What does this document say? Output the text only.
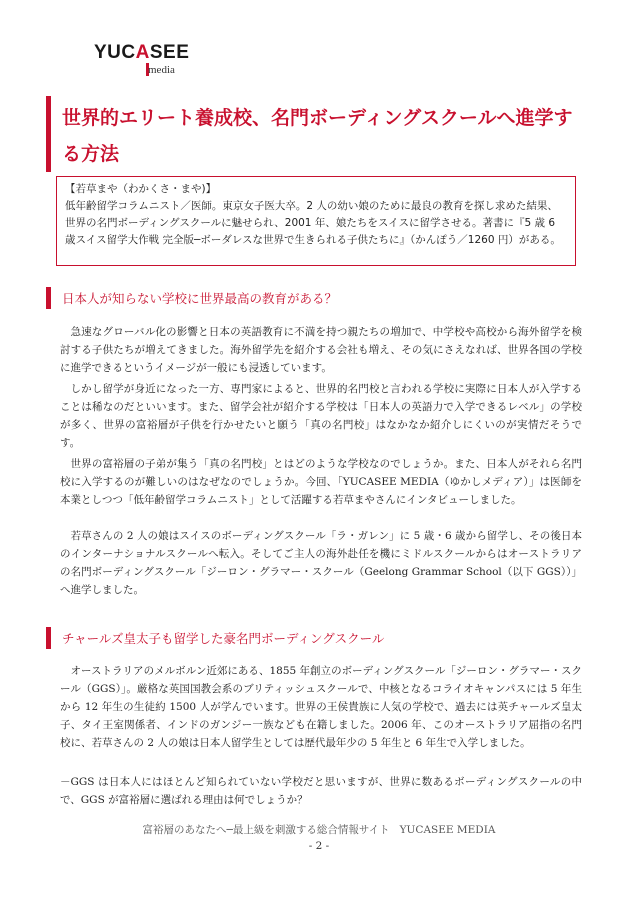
YUCASEE
media
世界的エリート養成校、名門ボーディングスクールへ進学する方法
【若草まや（わかくさ・まや)】
低年齢留学コラムニスト／医師。東京女子医大卒。2 人の幼い娘のために最良の教育を探し求めた結果、世界の名門ボーディングスクールに魅せられ、2001 年、娘たちをスイスに留学させる。著書に『5 歳 6 歳スイス留学大作戦 完全版─ボーダレスな世界で生きられる子供たちに』（かんぽう／1260 円）がある。
日本人が知らない学校に世界最高の教育がある？
急速なグローバル化の影響と日本の英語教育に不満を持つ親たちの増加で、中学校や高校から海外留学を検討する子供たちが増えてきました。海外留学先を紹介する会社も増え、その気にさえなれば、世界各国の学校に進学できるというイメージが一般にも浸透しています。
しかし留学が身近になった一方、専門家によると、世界的名門校と言われる学校に実際に日本人が入学することは稀なのだといいます。また、留学会社が紹介する学校は「日本人の英語力で入学できるレベル」の学校が多く、世界の富裕層が子供を行かせたいと願う「真の名門校」はなかなか紹介しにくいのが実情だそうです。
世界の富裕層の子弟が集う「真の名門校」とはどのような学校なのでしょうか。また、日本人がそれら名門校に入学するのが難しいのはなぜなのでしょうか。今回、「YUCASEE MEDIA（ゆかしメディア）」は医師を本業としつつ「低年齢留学コラムニスト」として活躍する若草まやさんにインタビューしました。
若草さんの 2 人の娘はスイスのボーディングスクール「ラ・ガレン」に 5 歳・6 歳から留学し、その後日本のインターナショナルスクールへ転入。そしてご主人の海外赴任を機にミドルスクールからはオーストラリアの名門ボーディングスクール「ジーロン・グラマー・スクール（Geelong Grammar School（以下 GGS））」へ進学しました。
チャールズ皇太子も留学した豪名門ボーディングスクール
オーストラリアのメルボルン近郊にある、1855 年創立のボーディングスクール「ジーロン・グラマー・スクール（GGS）」。厳格な英国国教会系のブリティッシュスクールで、中核となるコライオキャンパスには 5 年生から 12 年生の生徒約 1500 人が学んでいます。世界の王侯貴族に人気の学校で、過去には英チャールズ皇太子、タイ王室関係者、インドのガンジー一族なども在籍しました。2006 年、このオーストラリア屈指の名門校に、若草さんの 2 人の娘は日本人留学生としては歴代最年少の 5 年生と 6 年生で入学しました。
－GGS は日本人にはほとんど知られていない学校だと思いますが、世界に数あるボーディングスクールの中で、GGS が富裕層に選ばれる理由は何でしょうか？
富裕層のあなたへ─最上級を刺激する総合情報サイト YUCASEE MEDIA
- 2 -
